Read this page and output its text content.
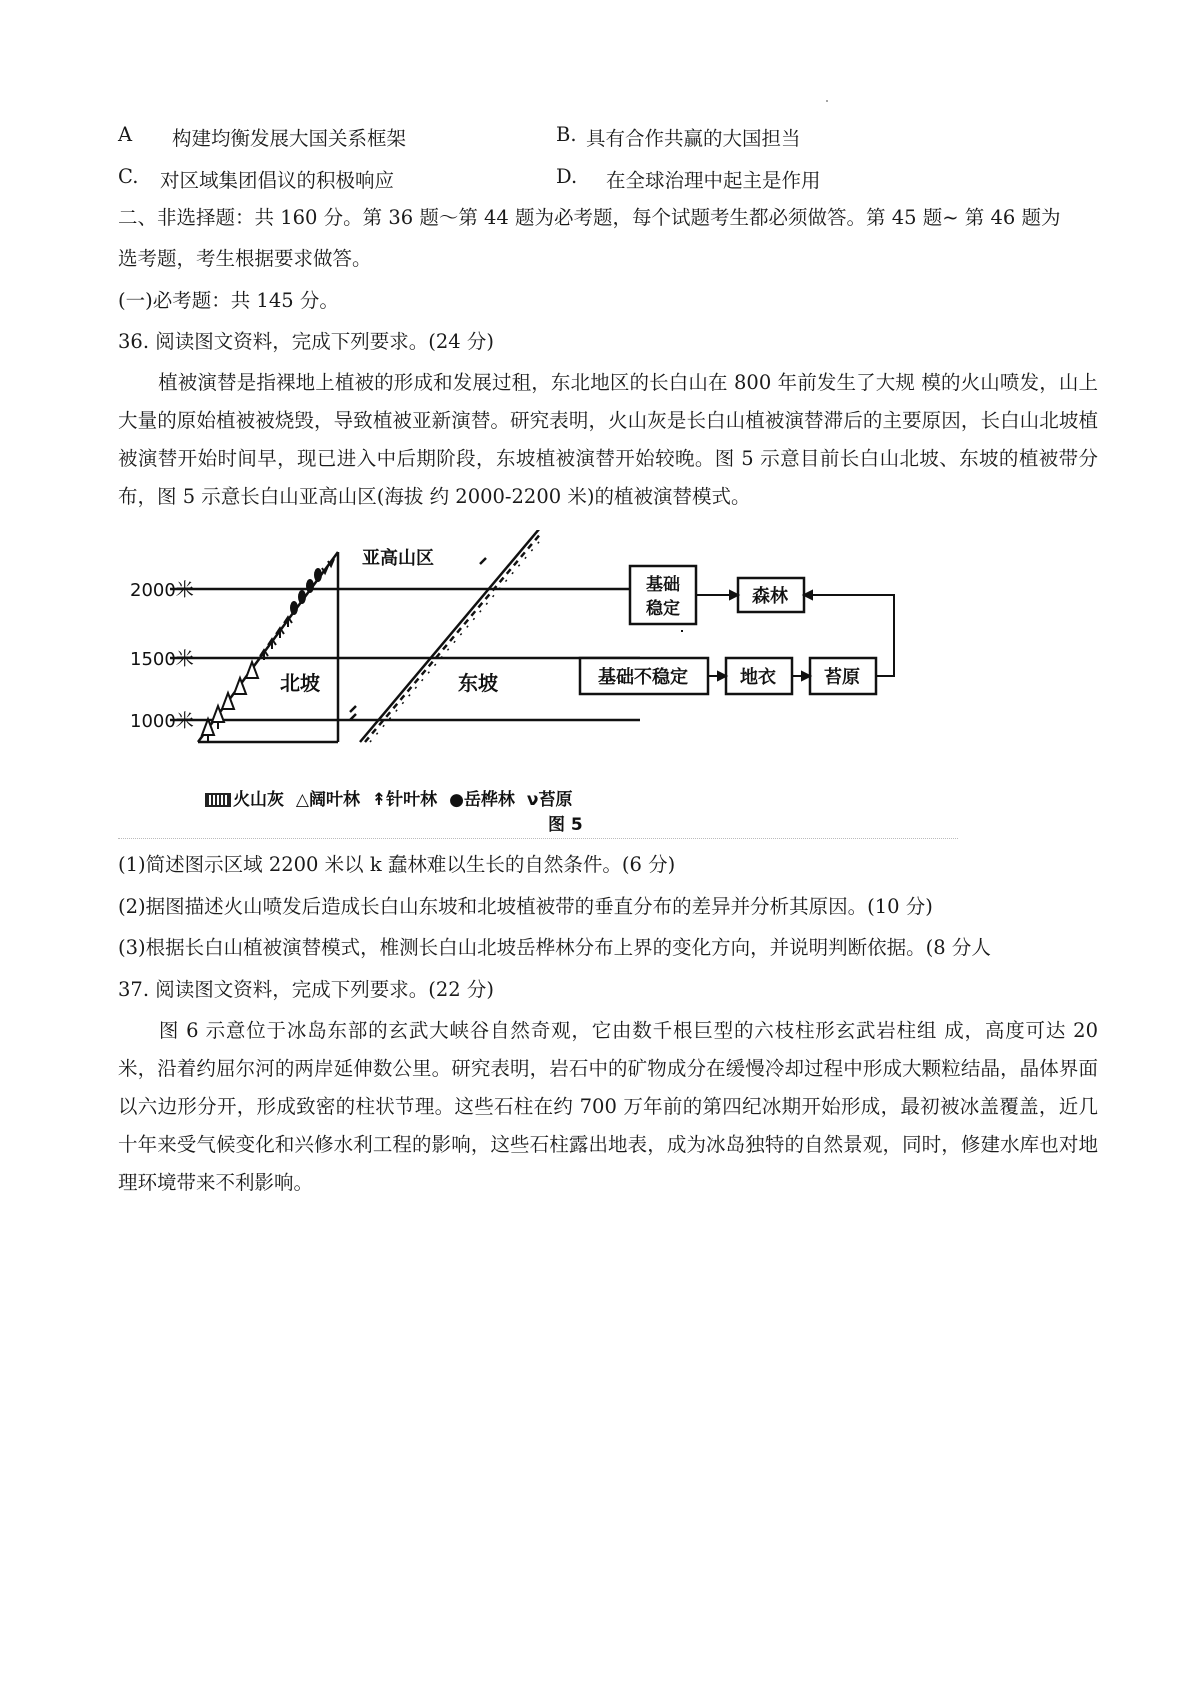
A 构建均衡发展大国关系框架	B. 具有合作共赢的大国担当
C. 对区域集团倡议的积极响应	D. 在全球治理中起主是作用
二、非选择题：共 160 分。第 36 题～第 44 题为必考题，每个试题考生都必须做答。第 45 题~ 第 46 题为
选考题，考生根据要求做答。
(一)必考题：共 145 分。
36. 阅读图文资料，完成下列要求。(24 分)
植被演替是指裸地上植被的形成和发展过租，东北地区的长白山在 800 年前发生了大规 模的火山喷发，山上大量的原始植被被烧毁，导致植被亚新演替。研究表明，火山灰是长白山植被演替滞后的主要原因，长白山北坡植被演替开始时间早，现已进入中后期阶段，东坡植被演替开始较晚。图 5 示意目前长白山北坡、东坡的植被带分布，图 5 示意长白山亚高山区(海拔 约 2000-2200 米)的植被演替模式。
2000米
1500米
1000米
北坡	东坡
亚高山区
基础
稳定
森林
基础不稳定	地衣	苔原
火山灰 △阔叶林 ↟针叶林 ●岳桦林 ν苔原
图 5
(1)简述图示区域 2200 米以 k 蠢林难以生长的自然条件。(6 分)
(2)据图描述火山喷发后造成长白山东坡和北坡植被带的垂直分布的差异并分析其原因。(10 分)
(3)根据长白山植被演替模式，椎测长白山北坡岳桦林分布上界的变化方向，并说明判断依据。(8 分人
37. 阅读图文资料，完成下列要求。(22 分)
图 6 示意位于冰岛东部的玄武大峡谷自然奇观，它由数千根巨型的六枝柱形玄武岩柱组 成，高度可达 20 米，沿着约屈尔河的两岸延伸数公里。研究表明，岩石中的矿物成分在缓慢冷却过程中形成大颗粒结晶，晶体界面以六边形分开，形成致密的柱状节理。这些石柱在约 700 万年前的第四纪冰期开始形成，最初被冰盖覆盖，近几十年来受气候变化和兴修水利工程的影响，这些石柱露出地表，成为冰岛独特的自然景观，同时，修建水库也对地理环境带来不利影响。
